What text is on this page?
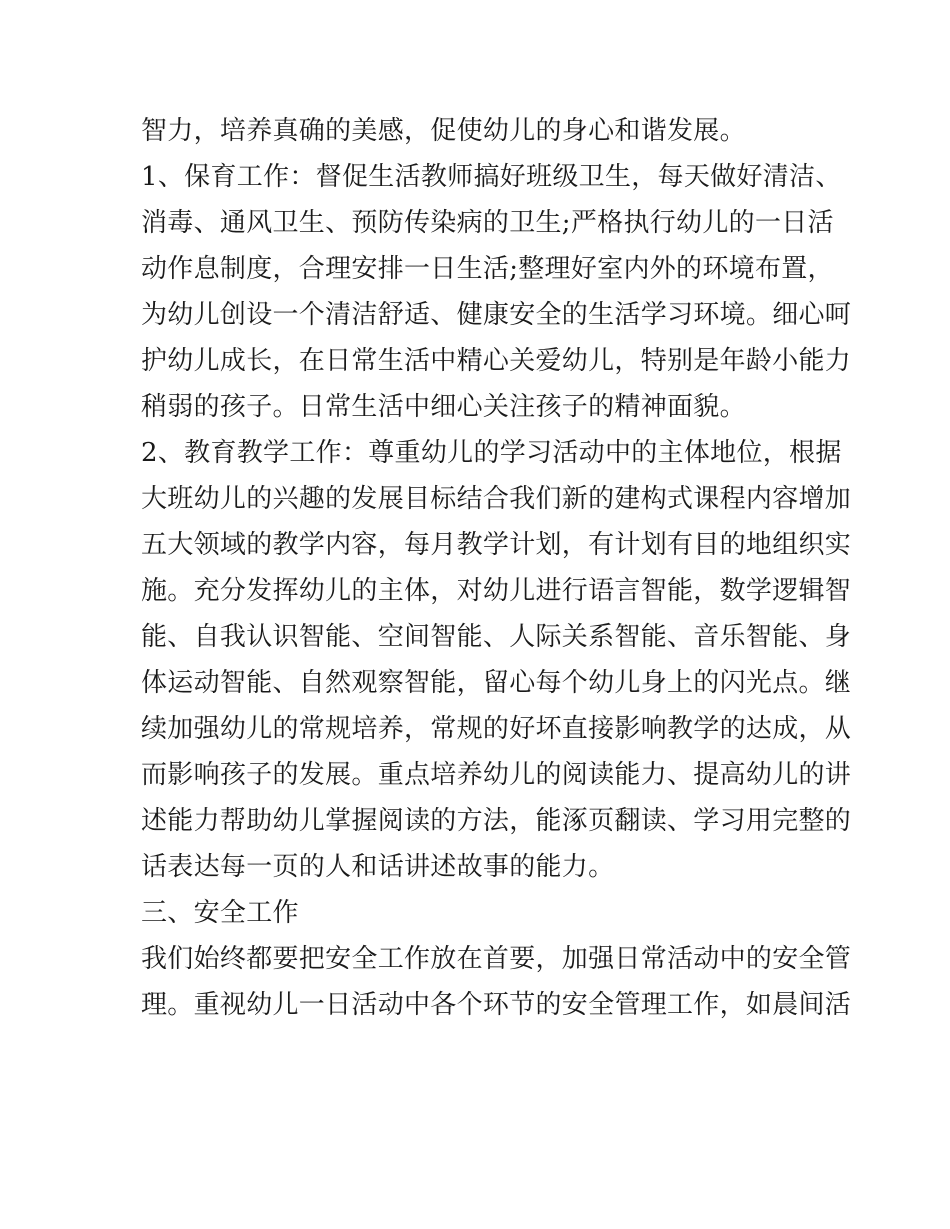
智力，培养真确的美感，促使幼儿的身心和谐发展。
1、保育工作：督促生活教师搞好班级卫生，每天做好清洁、
消毒、通风卫生、预防传染病的卫生;严格执行幼儿的一日活
动作息制度，合理安排一日生活;整理好室内外的环境布置，
为幼儿创设一个清洁舒适、健康安全的生活学习环境。细心呵
护幼儿成长，在日常生活中精心关爱幼儿，特别是年龄小能力
稍弱的孩子。日常生活中细心关注孩子的精神面貌。
2、教育教学工作：尊重幼儿的学习活动中的主体地位，根据
大班幼儿的兴趣的发展目标结合我们新的建构式课程内容增加
五大领域的教学内容，每月教学计划，有计划有目的地组织实
施。充分发挥幼儿的主体，对幼儿进行语言智能，数学逻辑智
能、自我认识智能、空间智能、人际关系智能、音乐智能、身
体运动智能、自然观察智能，留心每个幼儿身上的闪光点。继
续加强幼儿的常规培养，常规的好坏直接影响教学的达成，从
而影响孩子的发展。重点培养幼儿的阅读能力、提高幼儿的讲
述能力帮助幼儿掌握阅读的方法，能涿页翻读、学习用完整的
话表达每一页的人和话讲述故事的能力。
三、安全工作
我们始终都要把安全工作放在首要，加强日常活动中的安全管
理。重视幼儿一日活动中各个环节的安全管理工作，如晨间活
